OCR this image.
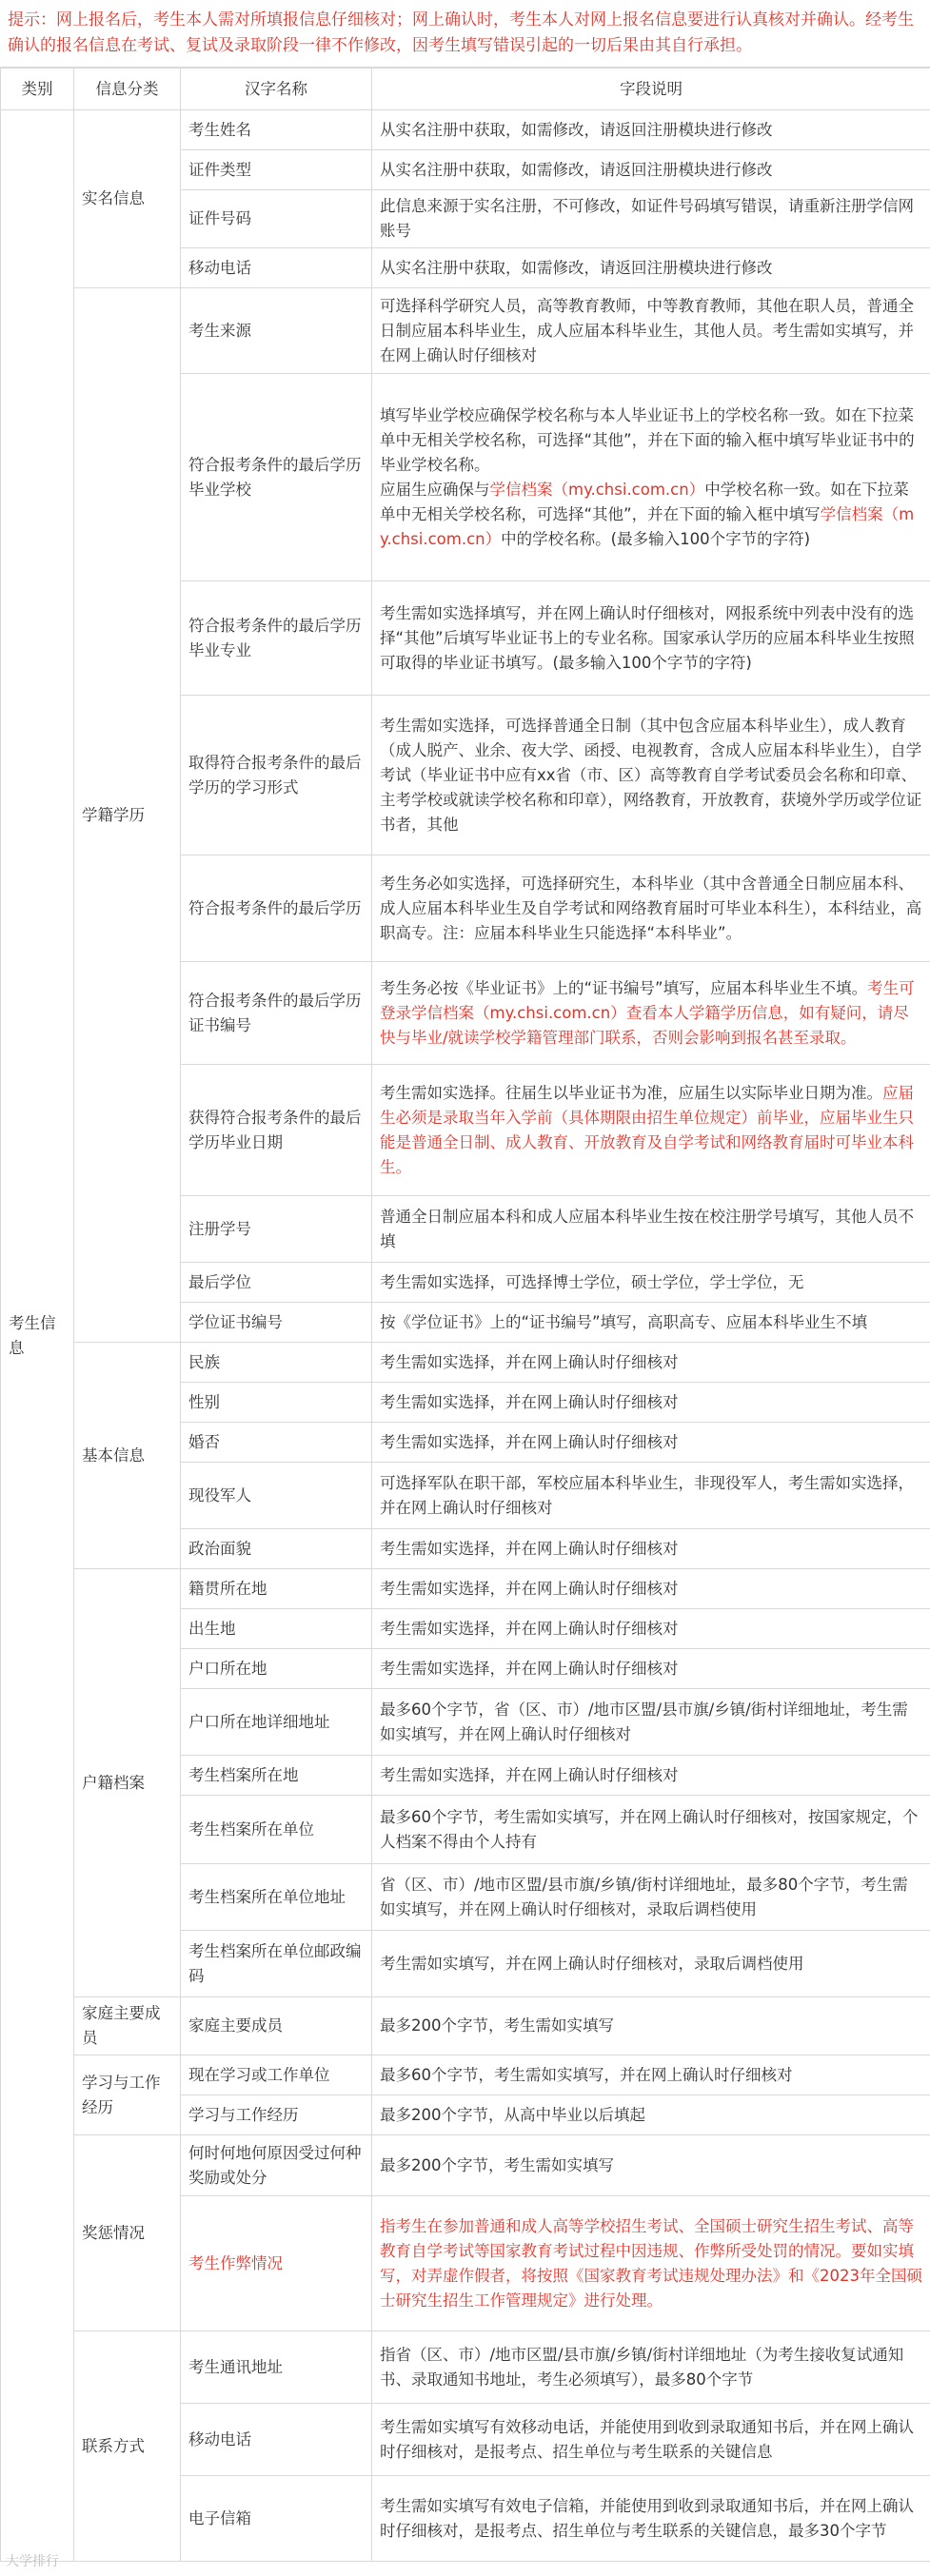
提示：网上报名后，考生本人需对所填报信息仔细核对；网上确认时，考生本人对网上报名信息要进行认真核对并确认。经考生确认的报名信息在考试、复试及录取阶段一律不作修改，因考生填写错误引起的一切后果由其自行承担。
类别	信息分类	汉字名称	字段说明
考生信息	实名信息	考生姓名	从实名注册中获取，如需修改，请返回注册模块进行修改
		证件类型	从实名注册中获取，如需修改，请返回注册模块进行修改
		证件号码	此信息来源于实名注册，不可修改，如证件号码填写错误，请重新注册学信网账号
		移动电话	从实名注册中获取，如需修改，请返回注册模块进行修改
	学籍学历	考生来源	可选择科学研究人员，高等教育教师，中等教育教师，其他在职人员，普通全日制应届本科毕业生，成人应届本科毕业生，其他人员。考生需如实填写，并在网上确认时仔细核对
		符合报考条件的最后学历毕业学校	填写毕业学校应确保学校名称与本人毕业证书上的学校名称一致。如在下拉菜单中无相关学校名称，可选择“其他”，并在下面的输入框中填写毕业证书中的毕业学校名称。
应届生应确保与学信档案（my.chsi.com.cn）中学校名称一致。如在下拉菜单中无相关学校名称，可选择“其他”，并在下面的输入框中填写学信档案（my.chsi.com.cn）中的学校名称。(最多输入100个字节的字符)
		符合报考条件的最后学历毕业专业	考生需如实选择填写，并在网上确认时仔细核对，网报系统中列表中没有的选择“其他”后填写毕业证书上的专业名称。国家承认学历的应届本科毕业生按照可取得的毕业证书填写。(最多输入100个字节的字符)
		取得符合报考条件的最后学历的学习形式	考生需如实选择，可选择普通全日制（其中包含应届本科毕业生），成人教育（成人脱产、业余、夜大学、函授、电视教育，含成人应届本科毕业生），自学考试（毕业证书中应有xx省（市、区）高等教育自学考试委员会名称和印章、主考学校或就读学校名称和印章），网络教育，开放教育，获境外学历或学位证书者，其他
		符合报考条件的最后学历	考生务必如实选择，可选择研究生，本科毕业（其中含普通全日制应届本科、成人应届本科毕业生及自学考试和网络教育届时可毕业本科生），本科结业，高职高专。注：应届本科毕业生只能选择“本科毕业”。
		符合报考条件的最后学历证书编号	考生务必按《毕业证书》上的“证书编号”填写，应届本科毕业生不填。考生可登录学信档案（my.chsi.com.cn）查看本人学籍学历信息，如有疑问，请尽快与毕业/就读学校学籍管理部门联系，否则会影响到报名甚至录取。
		获得符合报考条件的最后学历毕业日期	考生需如实选择。往届生以毕业证书为准，应届生以实际毕业日期为准。应届生必须是录取当年入学前（具体期限由招生单位规定）前毕业，应届毕业生只能是普通全日制、成人教育、开放教育及自学考试和网络教育届时可毕业本科生。
		注册学号	普通全日制应届本科和成人应届本科毕业生按在校注册学号填写，其他人员不填
		最后学位	考生需如实选择，可选择博士学位，硕士学位，学士学位，无
		学位证书编号	按《学位证书》上的“证书编号”填写，高职高专、应届本科毕业生不填
	基本信息	民族	考生需如实选择，并在网上确认时仔细核对
		性别	考生需如实选择，并在网上确认时仔细核对
		婚否	考生需如实选择，并在网上确认时仔细核对
		现役军人	可选择军队在职干部，军校应届本科毕业生，非现役军人，考生需如实选择，并在网上确认时仔细核对
		政治面貌	考生需如实选择，并在网上确认时仔细核对
	户籍档案	籍贯所在地	考生需如实选择，并在网上确认时仔细核对
		出生地	考生需如实选择，并在网上确认时仔细核对
		户口所在地	考生需如实选择，并在网上确认时仔细核对
		户口所在地详细地址	最多60个字节，省（区、市）/地市区盟/县市旗/乡镇/街村详细地址，考生需如实填写，并在网上确认时仔细核对
		考生档案所在地	考生需如实选择，并在网上确认时仔细核对
		考生档案所在单位	最多60个字节，考生需如实填写，并在网上确认时仔细核对，按国家规定，个人档案不得由个人持有
		考生档案所在单位地址	省（区、市）/地市区盟/县市旗/乡镇/街村详细地址，最多80个字节，考生需如实填写，并在网上确认时仔细核对，录取后调档使用
		考生档案所在单位邮政编码	考生需如实填写，并在网上确认时仔细核对，录取后调档使用
	家庭主要成员	家庭主要成员	最多200个字节，考生需如实填写
	学习与工作经历	现在学习或工作单位	最多60个字节，考生需如实填写，并在网上确认时仔细核对
		学习与工作经历	最多200个字节，从高中毕业以后填起
	奖惩情况	何时何地何原因受过何种奖励或处分	最多200个字节，考生需如实填写
		考生作弊情况	指考生在参加普通和成人高等学校招生考试、全国硕士研究生招生考试、高等教育自学考试等国家教育考试过程中因违规、作弊所受处罚的情况。要如实填写，对弄虚作假者，将按照《国家教育考试违规处理办法》和《2023年全国硕士研究生招生工作管理规定》进行处理。
	联系方式	考生通讯地址	指省（区、市）/地市区盟/县市旗/乡镇/街村详细地址（为考生接收复试通知书、录取通知书地址，考生必须填写），最多80个字节
		移动电话	考生需如实填写有效移动电话，并能使用到收到录取通知书后，并在网上确认时仔细核对，是报考点、招生单位与考生联系的关键信息
		电子信箱	考生需如实填写有效电子信箱，并能使用到收到录取通知书后，并在网上确认时仔细核对，是报考点、招生单位与考生联系的关键信息，最多30个字节
大学排行
